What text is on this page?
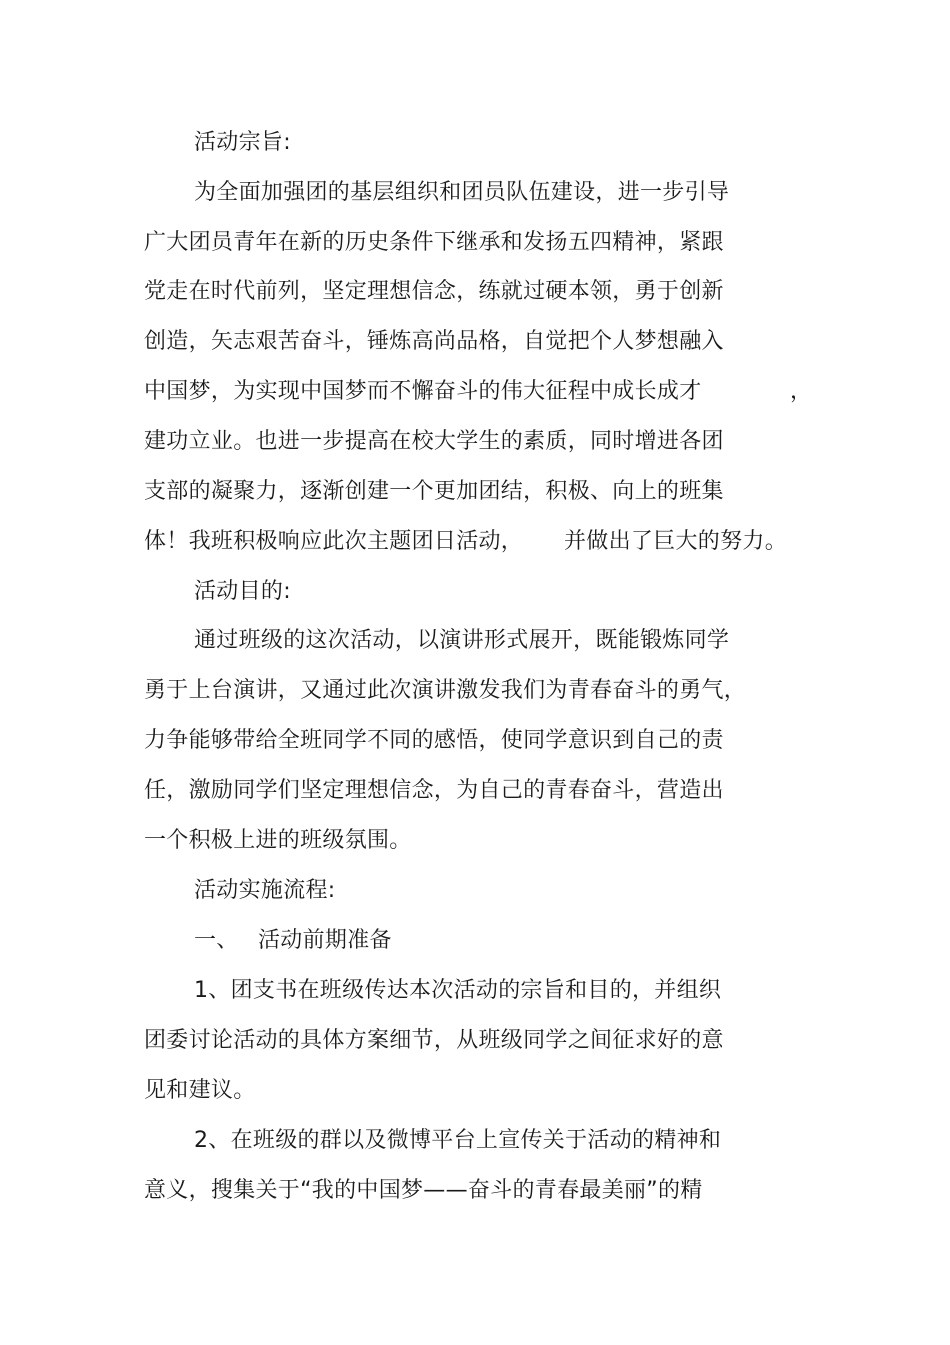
活动宗旨:
为全面加强团的基层组织和团员队伍建设，进一步引导
广大团员青年在新的历史条件下继承和发扬五四精神，紧跟
党走在时代前列，坚定理想信念，练就过硬本领，勇于创新
创造，矢志艰苦奋斗，锤炼高尚品格，自觉把个人梦想融入
中国梦，为实现中国梦而不懈奋斗的伟大征程中成长成才	，
建功立业。也进一步提高在校大学生的素质，同时增进各团
支部的凝聚力，逐渐创建一个更加团结，积极、向上的班集
体！我班积极响应此次主题团日活动， 并做出了巨大的努力。
活动目的:
通过班级的这次活动，以演讲形式展开，既能锻炼同学
勇于上台演讲，又通过此次演讲激发我们为青春奋斗的勇气，
力争能够带给全班同学不同的感悟，使同学意识到自己的责
任，激励同学们坚定理想信念，为自己的青春奋斗，营造出
一个积极上进的班级氛围。
活动实施流程:
一、 活动前期准备
1、团支书在班级传达本次活动的宗旨和目的，并组织
团委讨论活动的具体方案细节，从班级同学之间征求好的意
见和建议。
2、在班级的群以及微博平台上宣传关于活动的精神和
意义，搜集关于“我的中国梦——奋斗的青春最美丽”的精
